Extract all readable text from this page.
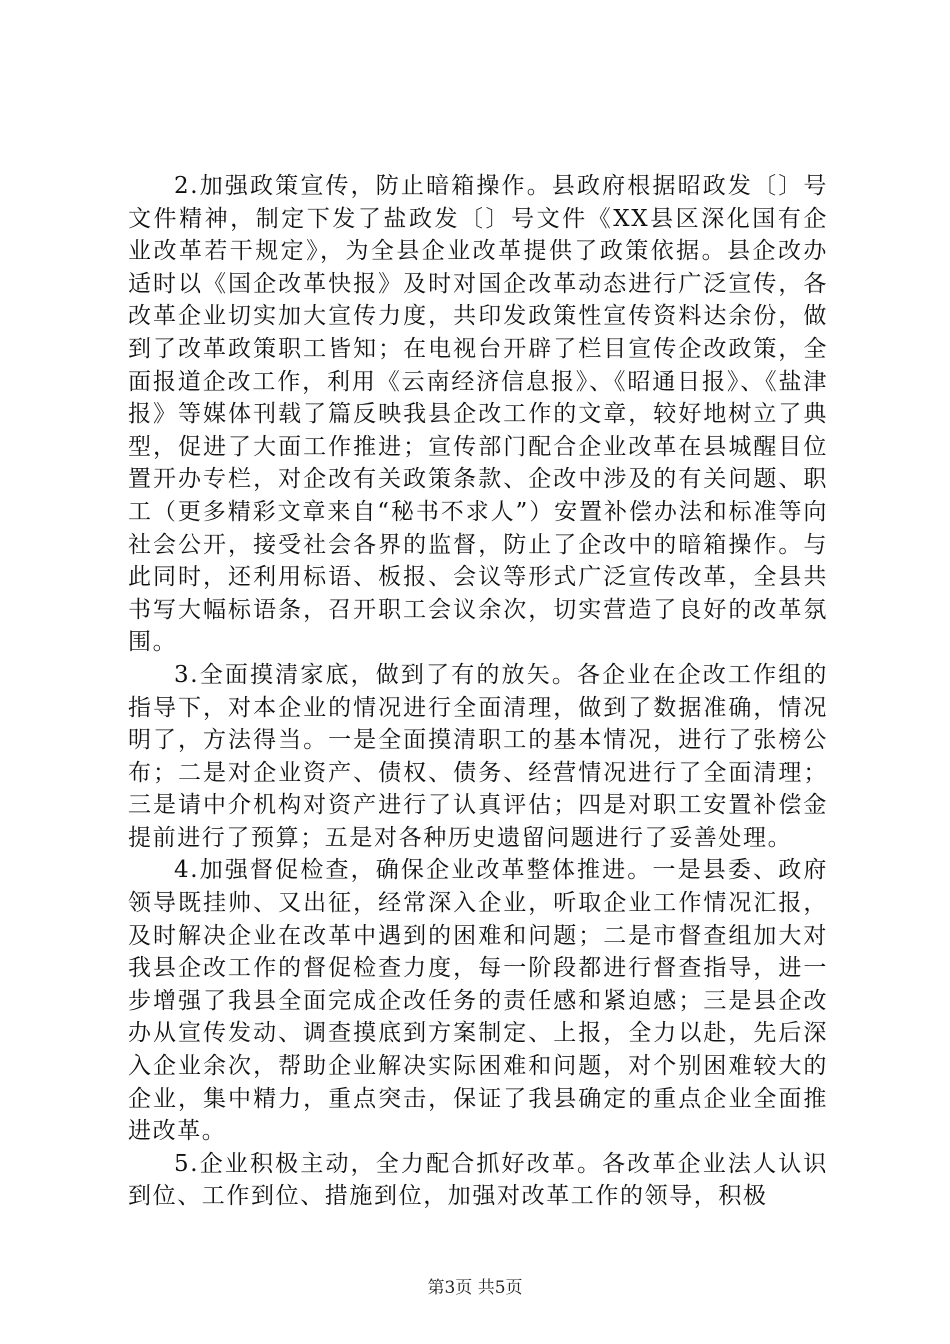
2.加强政策宣传，防止暗箱操作。县政府根据昭政发〔〕号文件精神，制定下发了盐政发〔〕号文件《XX县区深化国有企业改革若干规定》，为全县企业改革提供了政策依据。县企改办适时以《国企改革快报》及时对国企改革动态进行广泛宣传，各改革企业切实加大宣传力度，共印发政策性宣传资料达余份，做到了改革政策职工皆知；在电视台开辟了栏目宣传企改政策，全面报道企改工作，利用《云南经济信息报》、《昭通日报》、《盐津报》等媒体刊载了篇反映我县企改工作的文章，较好地树立了典型，促进了大面工作推进；宣传部门配合企业改革在县城醒目位置开办专栏，对企改有关政策条款、企改中涉及的有关问题、职工（更多精彩文章来自“秘书不求人”）安置补偿办法和标准等向社会公开，接受社会各界的监督，防止了企改中的暗箱操作。与此同时，还利用标语、板报、会议等形式广泛宣传改革，全县共书写大幅标语条，召开职工会议余次，切实营造了良好的改革氛围。

3.全面摸清家底，做到了有的放矢。各企业在企改工作组的指导下，对本企业的情况进行全面清理，做到了数据准确，情况明了，方法得当。一是全面摸清职工的基本情况，进行了张榜公布；二是对企业资产、债权、债务、经营情况进行了全面清理；三是请中介机构对资产进行了认真评估；四是对职工安置补偿金提前进行了预算；五是对各种历史遗留问题进行了妥善处理。

4.加强督促检查，确保企业改革整体推进。一是县委、政府领导既挂帅、又出征，经常深入企业，听取企业工作情况汇报，及时解决企业在改革中遇到的困难和问题；二是市督查组加大对我县企改工作的督促检查力度，每一阶段都进行督查指导，进一步增强了我县全面完成企改任务的责任感和紧迫感；三是县企改办从宣传发动、调查摸底到方案制定、上报，全力以赴，先后深入企业余次，帮助企业解决实际困难和问题，对个别困难较大的企业，集中精力，重点突击，保证了我县确定的重点企业全面推进改革。

5.企业积极主动，全力配合抓好改革。各改革企业法人认识到位、工作到位、措施到位，加强对改革工作的领导，积极

第3页 共5页
